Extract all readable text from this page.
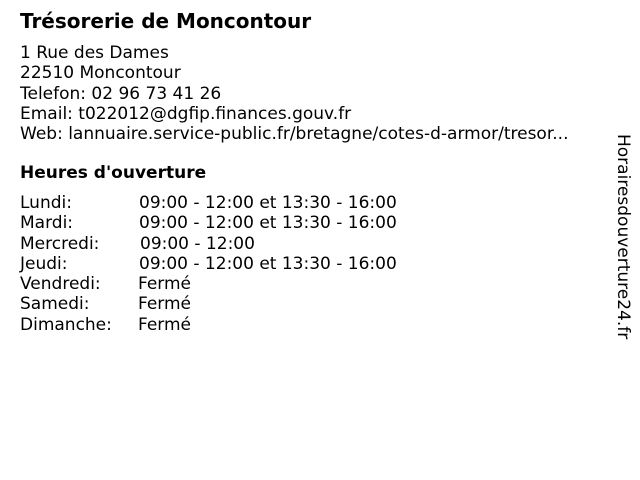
Trésorerie de Moncontour
1 Rue des Dames
22510 Moncontour
Telefon: 02 96 73 41 26
Email: t022012@dgfip.finances.gouv.fr
Web: lannuaire.service-public.fr/bretagne/cotes-d-armor/tresor...
Heures d'ouverture
Lundi:	09:00 - 12:00 et 13:30 - 16:00
Mardi:	09:00 - 12:00 et 13:30 - 16:00
Mercredi: 09:00 - 12:00
Jeudi:	09:00 - 12:00 et 13:30 - 16:00
Vendredi: Fermé
Samedi:	Fermé
Dimanche: Fermé	Horairesdouverture24.fr
